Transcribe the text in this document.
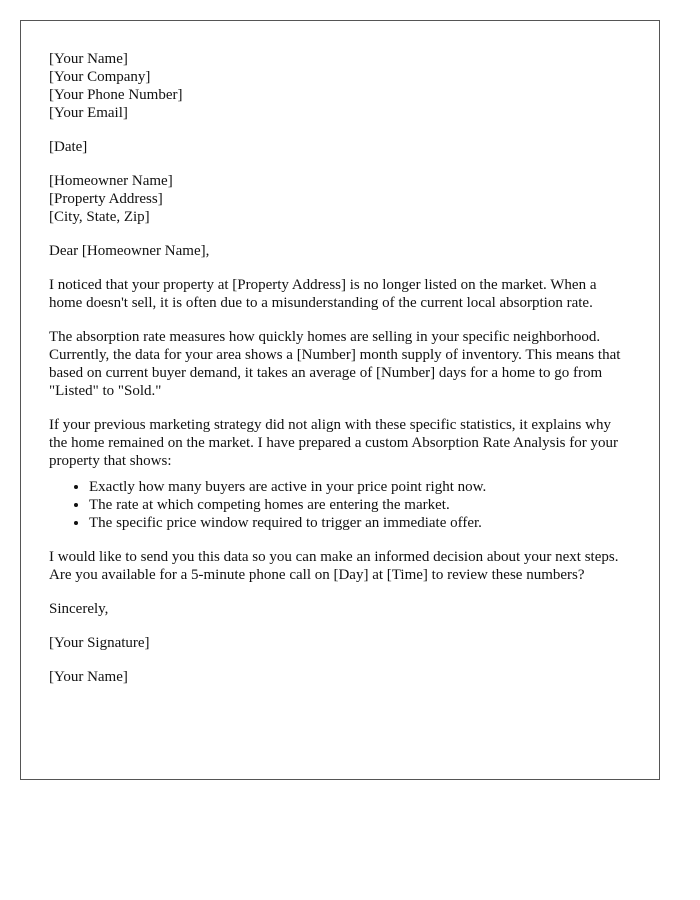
[Your Name]

[Your Company]

[Your Phone Number]

[Your Email]

[Date]

[Homeowner Name]

[Property Address]

[City, State, Zip]

Dear [Homeowner Name],

I noticed that your property at [Property Address] is no longer listed on the market. When a home doesn't sell, it is often due to a misunderstanding of the current local absorption rate.

The absorption rate measures how quickly homes are selling in your specific neighborhood. Currently, the data for your area shows a [Number] month supply of inventory. This means that based on current buyer demand, it takes an average of [Number] days for a home to go from "Listed" to "Sold."

If your previous marketing strategy did not align with these specific statistics, it explains why the home remained on the market. I have prepared a custom Absorption Rate Analysis for your property that shows:

• Exactly how many buyers are active in your price point right now.
• The rate at which competing homes are entering the market.
• The specific price window required to trigger an immediate offer.

I would like to send you this data so you can make an informed decision about your next steps. Are you available for a 5-minute phone call on [Day] at [Time] to review these numbers?

Sincerely,

[Your Signature]

[Your Name]
